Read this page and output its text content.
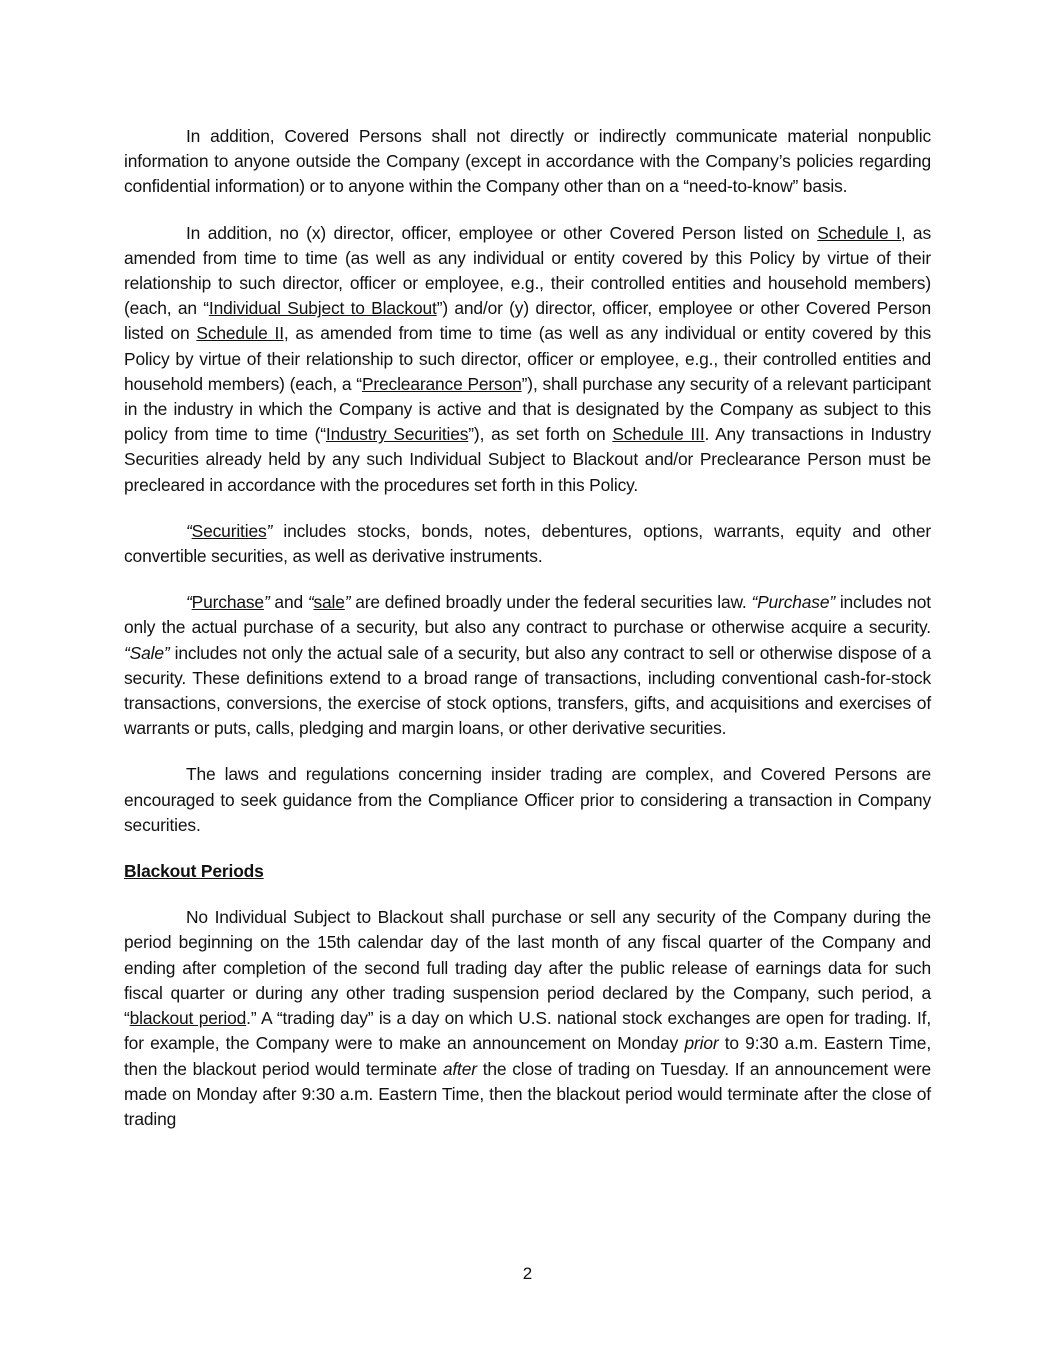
In addition, Covered Persons shall not directly or indirectly communicate material nonpublic information to anyone outside the Company (except in accordance with the Company’s policies regarding confidential information) or to anyone within the Company other than on a “need-to-know” basis.

In addition, no (x) director, officer, employee or other Covered Person listed on Schedule I, as amended from time to time (as well as any individual or entity covered by this Policy by virtue of their relationship to such director, officer or employee, e.g., their controlled entities and household members) (each, an “Individual Subject to Blackout”) and/or (y) director, officer, employee or other Covered Person listed on Schedule II, as amended from time to time (as well as any individual or entity covered by this Policy by virtue of their relationship to such director, officer or employee, e.g., their controlled entities and household members) (each, a “Preclearance Person”), shall purchase any security of a relevant participant in the industry in which the Company is active and that is designated by the Company as subject to this policy from time to time (“Industry Securities”), as set forth on Schedule III. Any transactions in Industry Securities already held by any such Individual Subject to Blackout and/or Preclearance Person must be precleared in accordance with the procedures set forth in this Policy.

“Securities” includes stocks, bonds, notes, debentures, options, warrants, equity and other convertible securities, as well as derivative instruments.

“Purchase” and “sale” are defined broadly under the federal securities law. “Purchase” includes not only the actual purchase of a security, but also any contract to purchase or otherwise acquire a security. “Sale” includes not only the actual sale of a security, but also any contract to sell or otherwise dispose of a security. These definitions extend to a broad range of transactions, including conventional cash-for-stock transactions, conversions, the exercise of stock options, transfers, gifts, and acquisitions and exercises of warrants or puts, calls, pledging and margin loans, or other derivative securities.

The laws and regulations concerning insider trading are complex, and Covered Persons are encouraged to seek guidance from the Compliance Officer prior to considering a transaction in Company securities.

Blackout Periods

No Individual Subject to Blackout shall purchase or sell any security of the Company during the period beginning on the 15th calendar day of the last month of any fiscal quarter of the Company and ending after completion of the second full trading day after the public release of earnings data for such fiscal quarter or during any other trading suspension period declared by the Company, such period, a “blackout period.” A “trading day” is a day on which U.S. national stock exchanges are open for trading. If, for example, the Company were to make an announcement on Monday prior to 9:30 a.m. Eastern Time, then the blackout period would terminate after the close of trading on Tuesday. If an announcement were made on Monday after 9:30 a.m. Eastern Time, then the blackout period would terminate after the close of trading

2
